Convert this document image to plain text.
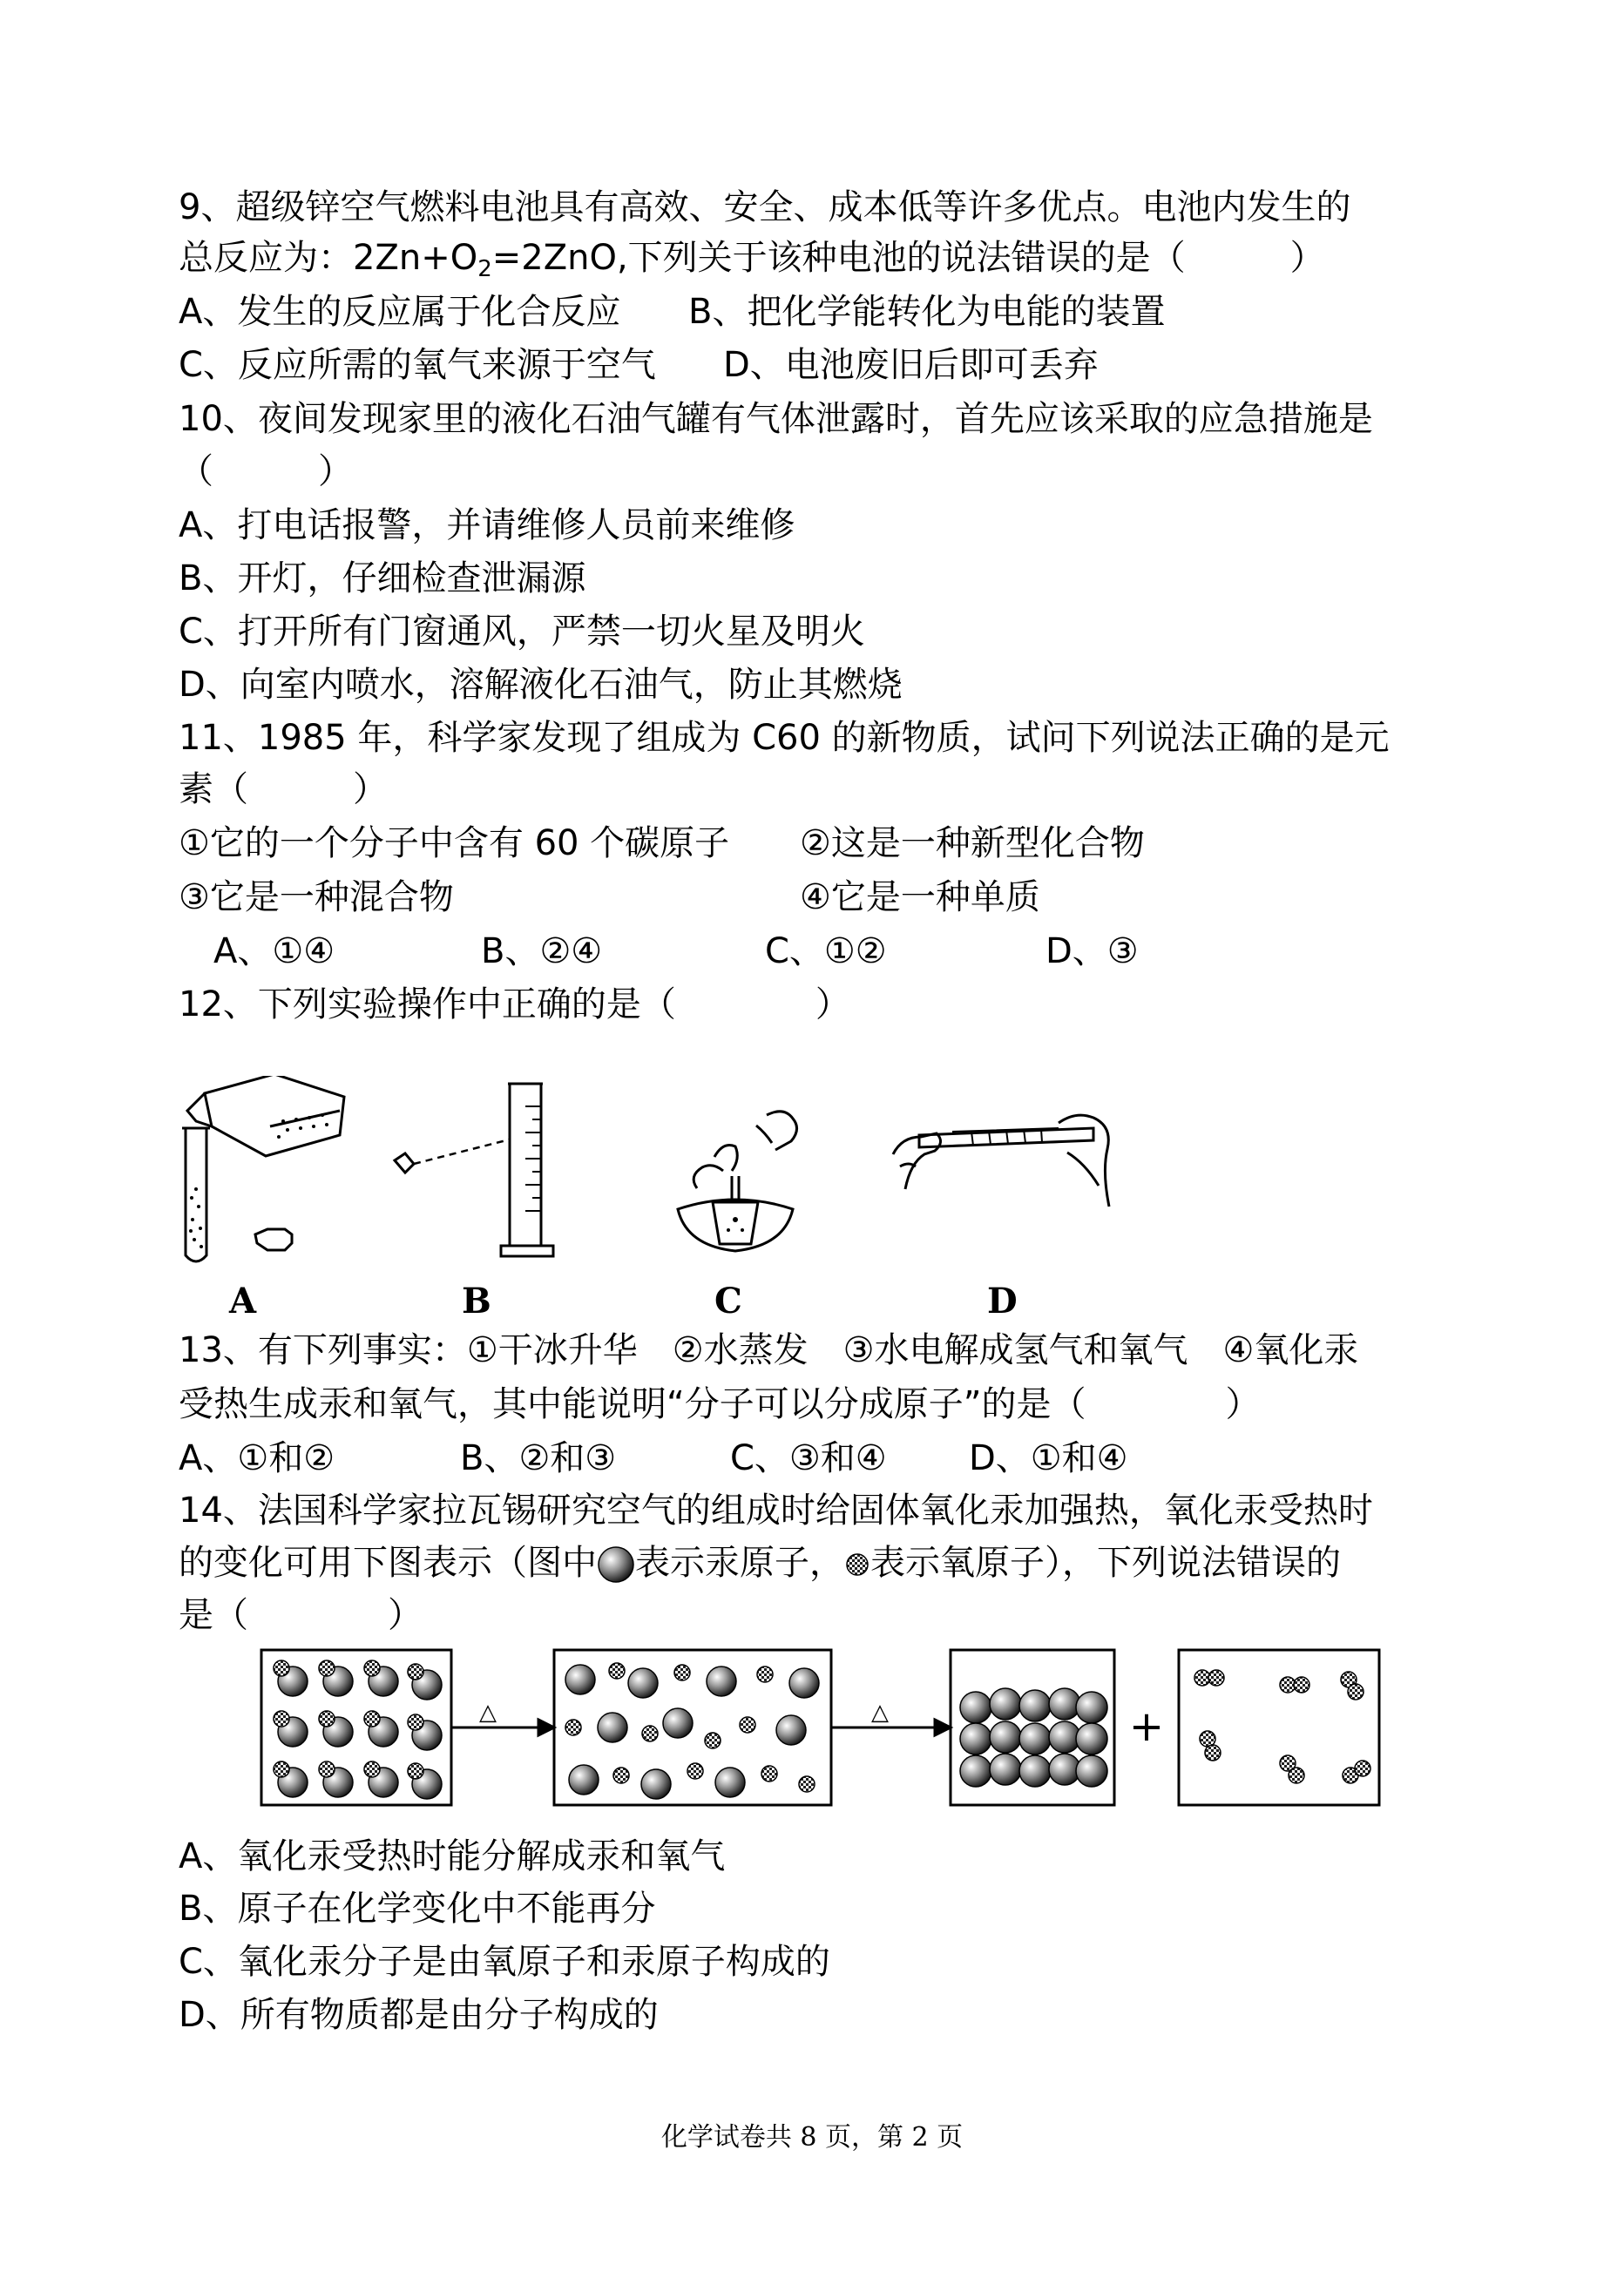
9、超级锌空气燃料电池具有高效、安全、成本低等许多优点。电池内发生的
总反应为：$2Zn+O_2=2ZnO$,下列关于该种电池的说法错误的是（　　　）
A、发生的反应属于化合反应 B、把化学能转化为电能的装置
C、反应所需的氧气来源于空气 D、电池废旧后即可丢弃
10、夜间发现家里的液化石油气罐有气体泄露时，首先应该采取的应急措施是
（　　　）
A、打电话报警，并请维修人员前来维修
B、开灯，仔细检查泄漏源
C、打开所有门窗通风，严禁一切火星及明火
D、向室内喷水，溶解液化石油气，防止其燃烧
11、1985 年，科学家发现了组成为 C60 的新物质，试问下列说法正确的是元
素（　　　）
①它的一个分子中含有 60 个碳原子 ②这是一种新型化合物
③它是一种混合物	④它是一种单质
A、①④	B、②④	C、①②	D、③
12、下列实验操作中正确的是（　　　　）
A	B	C	D
13、有下列事实：①干冰升华　②水蒸发　③水电解成氢气和氧气　④氧化汞
受热生成汞和氧气，其中能说明“分子可以分成原子”的是（　　　　）
A、①和②	B、②和③	C、③和④ D、①和④
14、法国科学家拉瓦锡研究空气的组成时给固体氧化汞加强热，氧化汞受热时
的变化可用下图表示（图中 表示汞原子， 表示氧原子），下列说法错误的
是（　　　　）
△	△	+
A、氧化汞受热时能分解成汞和氧气
B、原子在化学变化中不能再分
C、氧化汞分子是由氧原子和汞原子构成的
D、所有物质都是由分子构成的
化学试卷共 8 页，第 2 页
